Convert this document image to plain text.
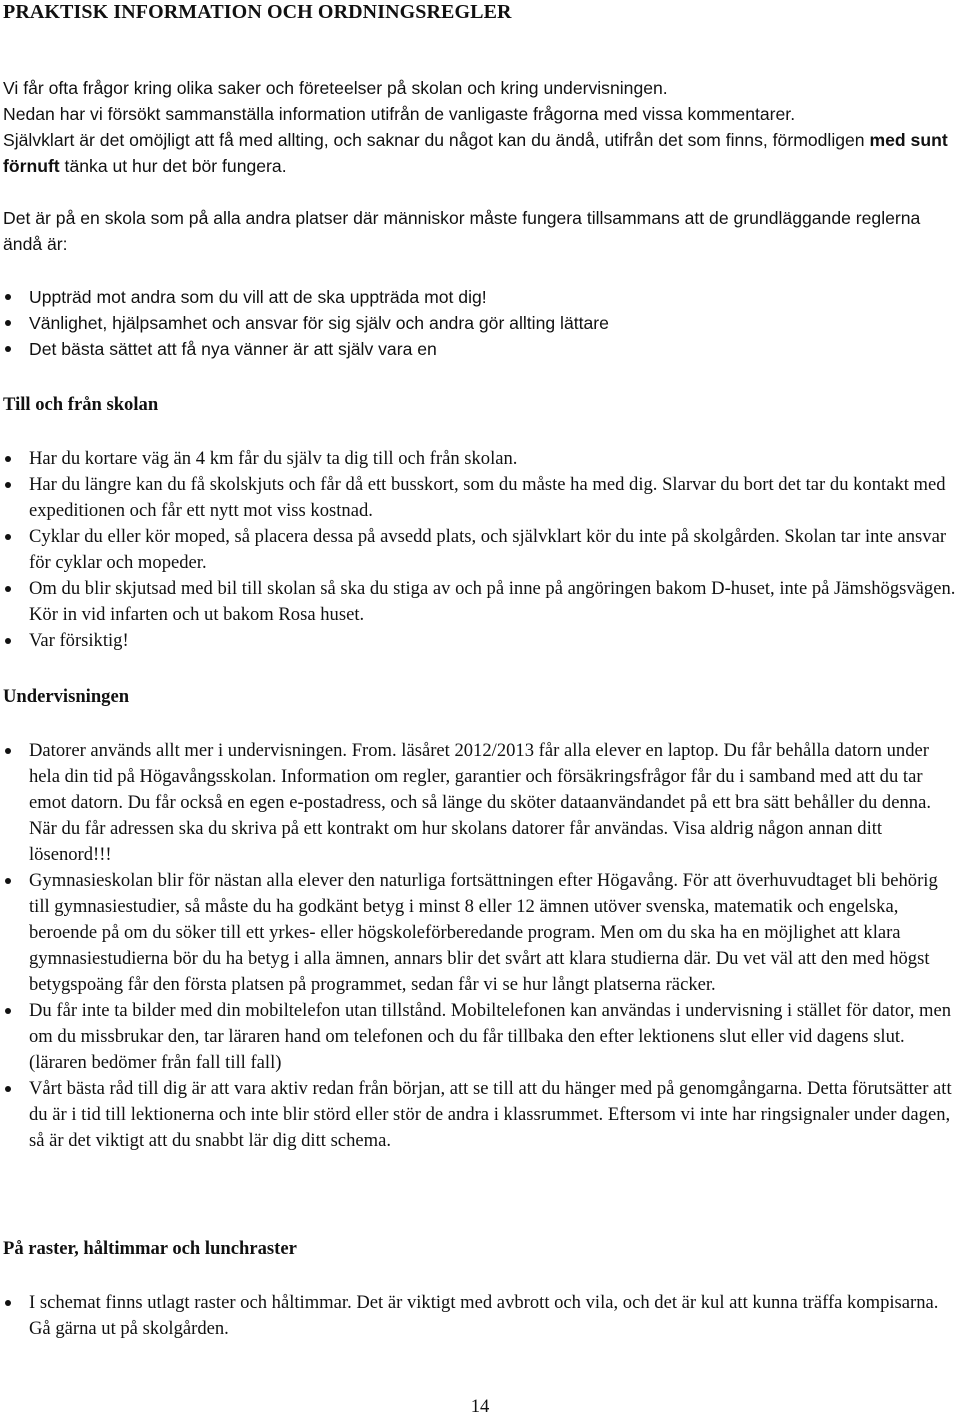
PRAKTISK INFORMATION OCH ORDNINGSREGLER
Vi får ofta frågor kring olika saker och företeelser på skolan och kring undervisningen.
Nedan har vi försökt sammanställa information utifrån de vanligaste frågorna med vissa kommentarer.
Självklart är det omöjligt att få med allting, och saknar du något kan du ändå, utifrån det som finns, förmodligen med sunt förnuft tänka ut hur det bör fungera.

Det är på en skola som på alla andra platser där människor måste fungera tillsammans att de grundläggande reglerna ändå är:

Uppträd mot andra som du vill att de ska uppträda mot dig!
Vänlighet, hjälpsamhet och ansvar för sig själv och andra gör allting lättare
Det bästa sättet att få nya vänner är att själv vara en
Till och från skolan
Har du kortare väg än 4 km får du själv ta dig till och från skolan.
Har du längre kan du få skolskjuts och får då ett busskort, som du måste ha med dig. Slarvar du bort det tar du kontakt med expeditionen och får ett nytt mot viss kostnad.
Cyklar du eller kör moped, så placera dessa på avsedd plats, och självklart kör du inte på skolgården. Skolan tar inte ansvar för cyklar och mopeder.
Om du blir skjutsad med bil till skolan så ska du stiga av och på inne på angöringen bakom D-huset, inte på Jämshögsvägen. Kör in vid infarten och ut bakom Rosa huset.
Var försiktig!
Undervisningen
Datorer används allt mer i undervisningen. From. läsåret 2012/2013 får alla elever en laptop. Du får behålla datorn under hela din tid på Högavångsskolan. Information om regler, garantier och försäkringsfrågor får du i samband med att du tar emot datorn. Du får också en egen e-postadress, och så länge du sköter dataanvändandet på ett bra sätt behåller du denna. När du får adressen ska du skriva på ett kontrakt om hur skolans datorer får användas. Visa aldrig någon annan ditt lösenord!!!
Gymnasieskolan blir för nästan alla elever den naturliga fortsättningen efter Högavång. För att överhuvudtaget bli behörig till gymnasiestudier, så måste du ha godkänt betyg i minst 8 eller 12 ämnen utöver svenska, matematik och engelska, beroende på om du söker till ett yrkes- eller högskoleförberedande program. Men om du ska ha en möjlighet att klara gymnasiestudierna bör du ha betyg i alla ämnen, annars blir det svårt att klara studierna där. Du vet väl att den med högst betygspoäng får den första platsen på programmet, sedan får vi se hur långt platserna räcker.
Du får inte ta bilder med din mobiltelefon utan tillstånd. Mobiltelefonen kan användas i undervisning i stället för dator, men om du missbrukar den, tar läraren hand om telefonen och du får tillbaka den efter lektionens slut eller vid dagens slut. (läraren bedömer från fall till fall)
Vårt bästa råd till dig är att vara aktiv redan från början, att se till att du hänger med på genomgångarna. Detta förutsätter att du är i tid till lektionerna och inte blir störd eller stör de andra i klassrummet. Eftersom vi inte har ringsignaler under dagen, så är det viktigt att du snabbt lär dig ditt schema.
På raster, håltimmar och lunchraster
I schemat finns utlagt raster och håltimmar. Det är viktigt med avbrott och vila, och det är kul att kunna träffa kompisarna. Gå gärna ut på skolgården.
14
